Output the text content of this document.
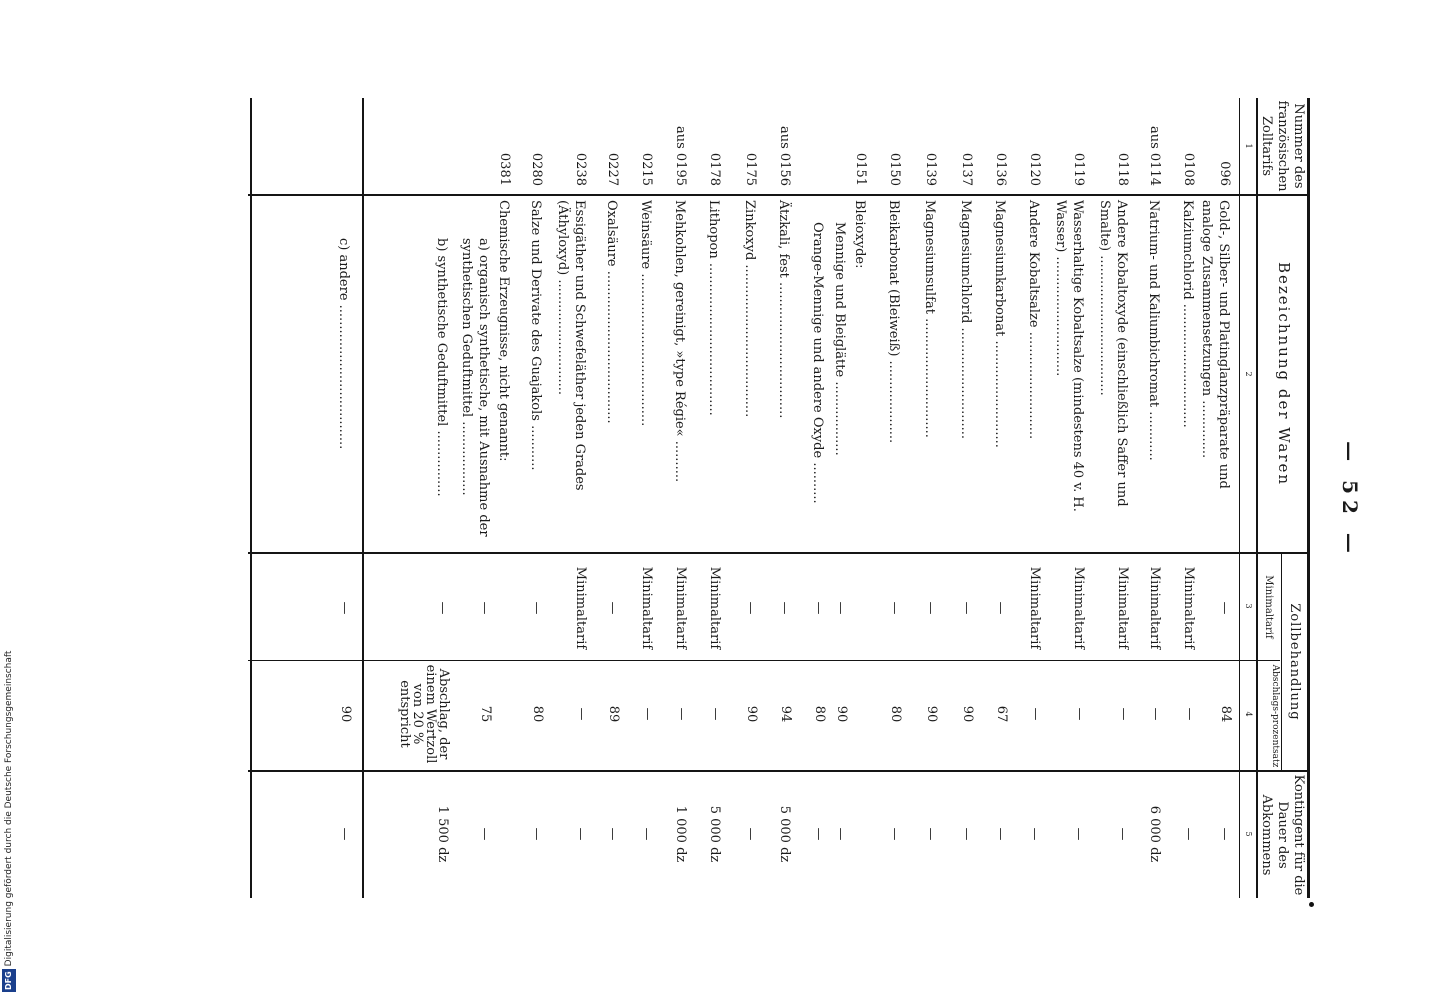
— 52 —
Nummer des französischen Zolltarifs
Bezeichnung der Waren
Zollbehandlung
Minimaltarif
Abschlags-prozentsatz
Kontingent für die Dauer des Abkommens
1
2
3
4
5
096
Gold-, Silber- und Platinglanzpräparate und analoge Zusammensetzungen ..............
—
84
—
0108
Kalziumchlorid ..............................
Minimaltarif
—
—
aus 0114
Natrium- und Kaliumbichromat ............
Minimaltarif
—
6 000 dz
0118
Andere Kobaltoxyde (einschließlich Saffer und Smalte) ..................................
Minimaltarif
—
—
0119
Wasserhaltige Kobaltsalze (mindestens 40 v. H. Wasser) .............................
Minimaltarif
—
—
0120
Andere Kobaltsalze ..........................
Minimaltarif
—
—
0136
Magnesiumkarbonat ..........................
—
67
—
0137
Magnesiumchlorid ...........................
—
90
—
0139
Magnesiumsulfat .............................
—
90
—
0150
Bleikarbonat (Bleiweiß) ....................
—
80
—
0151
Bleioxyde:
Mennige und Bleiglätte ..................
—
90
—
Orange-Mennige und andere Oxyde ..........
—
80
—
aus 0156
Ätzkali, fest .................................
—
94
5 000 dz
0175
Zinkoxyd .....................................
—
90
—
0178
Lithopon .....................................
Minimaltarif
—
5 000 dz
aus 0195
Mehkohlen, gereinigt, »type Régie« ..........
Minimaltarif
—
1 000 dz
0215
Weinsäure .....................................
Minimaltarif
—
—
0227
Oxalsäure .....................................
—
89
—
0238
Essigäther und Schwefeläther jeden Grades (Äthyloxyd) ............................
Minimaltarif
—
—
0280
Salze und Derivate des Guajakols ...........
—
80
—
0381
Chemische Erzeugnisse, nicht genannt:
a) organisch synthetische, mit Ausnahme der synthetischen Geduftmittel ..................
—
75
—
b) synthetische Geduftmittel ................
—
Abschlag, der einem Wertzoll von 20 % entspricht
1 500 dz
c) andere ...................................
—
90
—
DFGDigitalisierung gefördert durch die Deutsche Forschungsgemeinschaft
